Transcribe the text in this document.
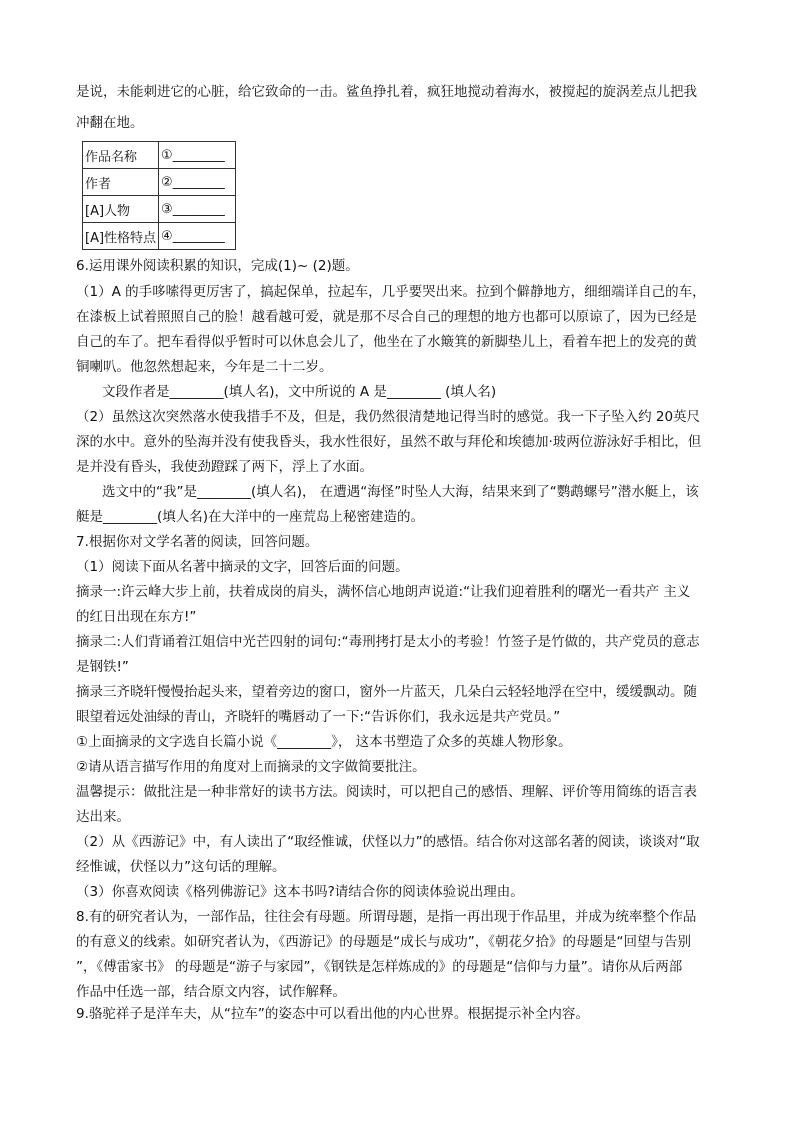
是说，未能刺进它的心脏，给它致命的一击。鲨鱼挣扎着，疯狂地搅动着海水，被搅起的旋涡差点儿把我
冲翻在地。
作品名称	①________
作者	②________
[A]人物	③________
[A]性格特点	④________
6.运用课外阅读积累的知识，完成(1)~ (2)题。
（1）A 的手哆嗦得更厉害了，搞起保单，拉起车，几乎要哭出来。拉到个僻静地方，细细端详自己的车，
在漆板上试着照照自己的脸！越看越可爱，就是那不尽合自己的理想的地方也都可以原谅了，因为已经是
自己的车了。把车看得似乎暂时可以休息会儿了，他坐在了水簸箕的新脚垫儿上，看着车把上的发亮的黄
铜喇叭。他忽然想起来，今年是二十二岁。
文段作者是________(填人名)，文中所说的 A 是________ (填人名)
（2）虽然这次突然落水使我措手不及，但是，我仍然很清楚地记得当时的感觉。我一下子坠入约 20英尺
深的水中。意外的坠海并没有使我昏头，我水性很好，虽然不敢与拜伦和埃德加·玻两位游泳好手相比，但
是并没有昏头，我使劲蹬踩了两下，浮上了水面。
选文中的“我”是________(填人名)， 在遭遇“海怪”时坠人大海，结果来到了“鹦鹉螺号”潜水艇上，该
艇是________(填人名)在大洋中的一座荒岛上秘密建造的。
7.根据你对文学名著的阅读，回答问题。
（1）阅读下面从名著中摘录的文字，回答后面的问题。
摘录一:许云峰大步上前，扶着成岗的肩头，满怀信心地朗声说道:“让我们迎着胜利的曙光一看共产 主义
的红日出现在东方!”
摘录二:人们背诵着江姐信中光芒四射的词句:“毒刑拷打是太小的考验！竹签子是竹做的，共产党员的意志
是钢铁!”
摘录三齐晓轩慢慢抬起头来，望着旁边的窗口，窗外一片蓝天，几朵白云轻轻地浮在空中，缓缓飘动。随
眼望着远处油绿的青山，齐晓轩的嘴唇动了一下:“告诉你们，我永远是共产党员。”
①上面摘录的文字选自长篇小说《________》， 这本书塑造了众多的英雄人物形象。
②请从语言描写作用的角度对上而摘录的文字做简要批注。
温馨提示：做批注是一种非常好的读书方法。阅读时，可以把自己的感悟、理解、评价等用简练的语言表
达出来。
（2）从《西游记》中，有人读出了“取经惟诚，伏怪以力”的感悟。结合你对这部名著的阅读，谈谈对“取
经惟诚，伏怪以力”这句话的理解。
（3）你喜欢阅读《格列佛游记》这本书吗?请结合你的阅读体验说出理由。
8.有的研究者认为，一部作品，往往会有母题。所谓母题，是指一再出现于作品里，并成为统率整个作品
的有意义的线索。如研究者认为，《西游记》的母题是“成长与成功”，《朝花夕拾》的母题是“回望与告别
”，《傅雷家书》 的母题是“游子与家园”，《钢铁是怎样炼成的》的母题是“信仰与力量”。请你从后两部
作品中任选一部，结合原文内容，试作解释。
9.骆驼祥子是洋车夫，从“拉车”的姿态中可以看出他的内心世界。根据提示补全内容。
